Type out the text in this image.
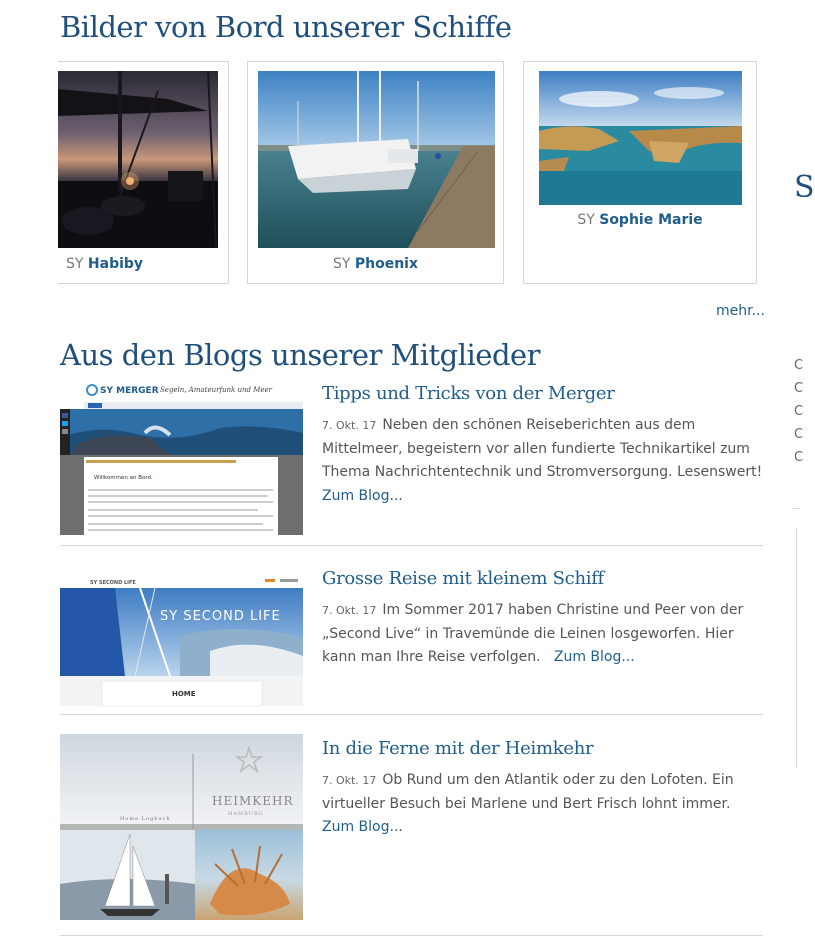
Bilder von Bord unserer Schiffe
SY Habiby	SY Phoenix
SY Sophie Marie
mehr...
Aus den Blogs unserer Mitglieder
SY MERGER Segeln, Amateurfunk und Meer
Willkommen an Bord.
Tipps und Tricks von der Merger

7. Okt. 17 Neben den schönen Reiseberichten aus dem Mittelmeer, begeistern vor allen fundierte Technikartikel zum Thema Nachrichtentechnik und Stromversorgung. Lesenswert!
Zum Blog...

SY SECOND LIFE
SY SECOND LIFE
HOME
Grosse Reise mit kleinem Schiff

7. Okt. 17 Im Sommer 2017 haben Christine und Peer von der „Second Live“ in Travemünde die Leinen losgeworfen. Hier kann man Ihre Reise verfolgen. Zum Blog...

HEIMKEHR
HAMBURG
Home Logbuch
In die Ferne mit der Heimkehr

7. Okt. 17 Ob Rund um den Atlantik oder zu den Lofoten. Ein virtueller Besuch bei Marlene und Bert Frisch lohnt immer.
Zum Blog...

S
C
C
C
C
C
